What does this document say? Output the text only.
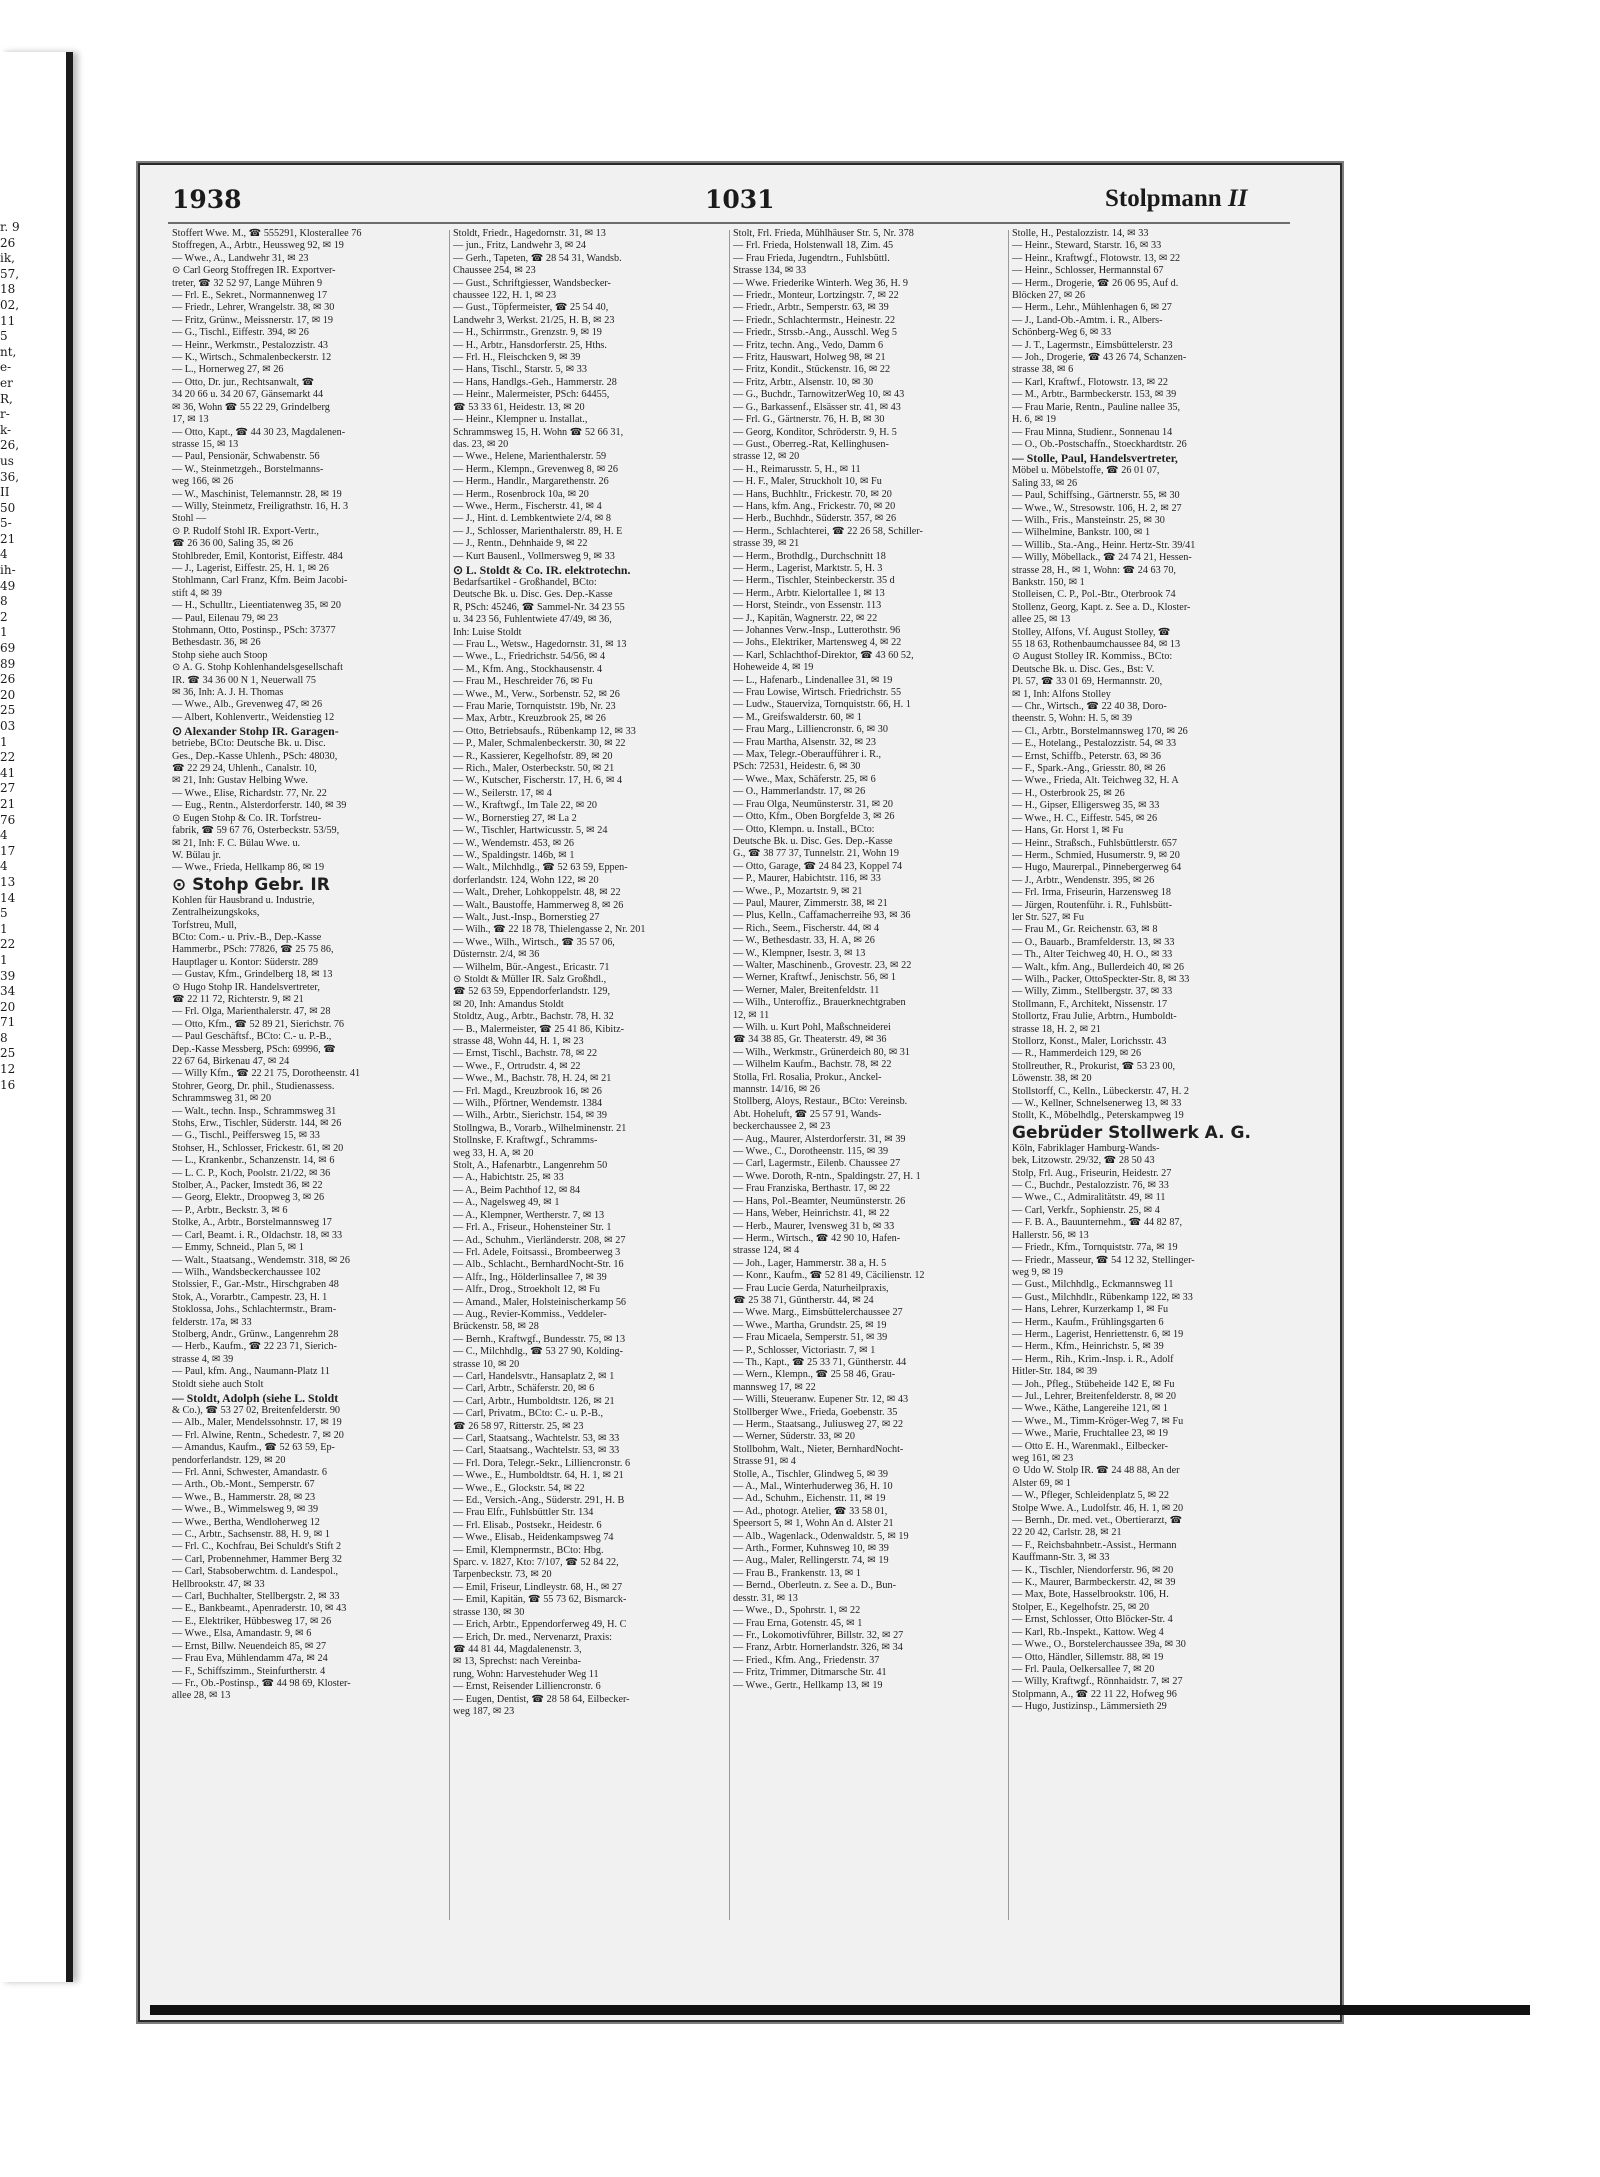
r. 9
26
ik,
57,
18
02,
11
5
nt,
e-
er
R,
r-
k-
26,
us
36,
II
50
5-
21
4
ih-
49
8
2
1
69
89
26
20
25
03
1
22
41
27
21
76
4
17
4
13
14
5
1
22
1
39
34
20
71
8
25
12
16
1938	1031	Stolpmann II
Stoffert Wwe. M., ☎ 555291, Klosterallee 76
Stoffregen, A., Arbtr., Heussweg 92, ✉ 19
— Wwe., A., Landwehr 31, ✉ 23
⊙ Carl Georg Stoffregen IR. Exportver-
treter, ☎ 32 52 97, Lange Mühren 9
— Frl. E., Sekret., Normannenweg 17
— Friedr., Lehrer, Wrangelstr. 38, ✉ 30
— Fritz, Grünw., Meissnerstr. 17, ✉ 19
— G., Tischl., Eiffestr. 394, ✉ 26
— Heinr., Werkmstr., Pestalozzistr. 43
— K., Wirtsch., Schmalenbeckerstr. 12
— L., Hornerweg 27, ✉ 26
— Otto, Dr. jur., Rechtsanwalt, ☎
34 20 66 u. 34 20 67, Gänsemarkt 44
✉ 36, Wohn ☎ 55 22 29, Grindelberg
17, ✉ 13
— Otto, Kapt., ☎ 44 30 23, Magdalenen-
strasse 15, ✉ 13
— Paul, Pensionär, Schwabenstr. 56
— W., Steinmetzgeh., Borstelmanns-
weg 166, ✉ 26
— W., Maschinist, Telemannstr. 28, ✉ 19
— Willy, Steinmetz, Freiligrathstr. 16, H. 3
Stohl —
⊙ P. Rudolf Stohl IR. Export-Vertr.,
☎ 26 36 00, Saling 35, ✉ 26
Stohlbreder, Emil, Kontorist, Eiffestr. 484
— J., Lagerist, Eiffestr. 25, H. 1, ✉ 26
Stohlmann, Carl Franz, Kfm. Beim Jacobi-
stift 4, ✉ 39
— H., Schulltr., Lieentiatenweg 35, ✉ 20
— Paul, Eilenau 79, ✉ 23
Stohmann, Otto, Postinsp., PSch: 37377
Bethesdastr. 36, ✉ 26
Stohp siehe auch Stoop
⊙ A. G. Stohp Kohlenhandelsgesellschaft
IR. ☎ 34 36 00 N 1, Neuerwall 75
✉ 36, Inh: A. J. H. Thomas
— Wwe., Alb., Grevenweg 47, ✉ 26
— Albert, Kohlenvertr., Weidenstieg 12
⊙ Alexander Stohp IR. Garagen-
betriebe, BCto: Deutsche Bk. u. Disc.
Ges., Dep.-Kasse Uhlenh., PSch: 48030,
☎ 22 29 24, Uhlenh., Canalstr. 10,
✉ 21, Inh: Gustav Helbing Wwe.
— Wwe., Elise, Richardstr. 77, Nr. 22
— Eug., Rentn., Alsterdorferstr. 140, ✉ 39
⊙ Eugen Stohp & Co. IR. Torfstreu-
fabrik, ☎ 59 67 76, Osterbeckstr. 53/59,
✉ 21, Inh: F. C. Bülau Wwe. u.
W. Bülau jr.
— Wwe., Frieda, Hellkamp 86, ✉ 19
⊙ Stohp Gebr. IR
Kohlen für Hausbrand u. Industrie,
Zentralheizungskoks,
Torfstreu, Mull,
BCto: Com.- u. Priv.-B., Dep.-Kasse
Hammerbr., PSch: 77826, ☎ 25 75 86,
Hauptlager u. Kontor: Süderstr. 289
— Gustav, Kfm., Grindelberg 18, ✉ 13
⊙ Hugo Stohp IR. Handelsvertreter,
☎ 22 11 72, Richterstr. 9, ✉ 21
— Frl. Olga, Marienthalerstr. 47, ✉ 28
— Otto, Kfm., ☎ 52 89 21, Sierichstr. 76
— Paul Geschäftsf., BCto: C.- u. P.-B.,
Dep.-Kasse Messberg, PSch: 69996, ☎
22 67 64, Birkenau 47, ✉ 24
— Willy Kfm., ☎ 22 21 75, Dorotheenstr. 41
Stohrer, Georg, Dr. phil., Studienassess.
Schrammsweg 31, ✉ 20
— Walt., techn. Insp., Schrammsweg 31
Stohs, Erw., Tischler, Süderstr. 144, ✉ 26
— G., Tischl., Peiffersweg 15, ✉ 33
Stohser, H., Schlosser, Frickestr. 61, ✉ 20
— L., Krankenbr., Schanzenstr. 14, ✉ 6
— L. C. P., Koch, Poolstr. 21/22, ✉ 36
Stolber, A., Packer, Imstedt 36, ✉ 22
— Georg, Elektr., Droopweg 3, ✉ 26
— P., Arbtr., Beckstr. 3, ✉ 6
Stolke, A., Arbtr., Borstelmannsweg 17
— Carl, Beamt. i. R., Oldachstr. 18, ✉ 33
— Emmy, Schneid., Plan 5, ✉ 1
— Walt., Staatsang., Wendemstr. 318, ✉ 26
— Wilh., Wandsbeckerchaussee 102
Stolssier, F., Gar.-Mstr., Hirschgraben 48
Stok, A., Vorarbtr., Campestr. 23, H. 1
Stoklossa, Johs., Schlachtermstr., Bram-
felderstr. 17a, ✉ 33
Stolberg, Andr., Grünw., Langenrehm 28
— Herb., Kaufm., ☎ 22 23 71, Sierich-
strasse 4, ✉ 39
— Paul, kfm. Ang., Naumann-Platz 11
Stoldt siehe auch Stolt
— Stoldt, Adolph (siehe L. Stoldt
& Co.), ☎ 53 27 02, Breitenfelderstr. 90
— Alb., Maler, Mendelssohnstr. 17, ✉ 19
— Frl. Alwine, Rentn., Schedestr. 7, ✉ 20
— Amandus, Kaufm., ☎ 52 63 59, Ep-
pendorferlandstr. 129, ✉ 20
— Frl. Anni, Schwester, Amandastr. 6
— Arth., Ob.-Mont., Semperstr. 67
— Wwe., B., Hammerstr. 28, ✉ 23
— Wwe., B., Wimmelsweg 9, ✉ 39
— Wwe., Bertha, Wendloherweg 12
— C., Arbtr., Sachsenstr. 88, H. 9, ✉ 1
— Frl. C., Kochfrau, Bei Schuldt's Stift 2
— Carl, Probennehmer, Hammer Berg 32
— Carl, Stabsoberwchtm. d. Landespol.,
Hellbrookstr. 47, ✉ 33
— Carl, Buchhalter, Stellbergstr. 2, ✉ 33
— E., Bankbeamt., Apenraderstr. 10, ✉ 43
— E., Elektriker, Hübbesweg 17, ✉ 26
— Wwe., Elsa, Amandastr. 9, ✉ 6
— Ernst, Billw. Neuendeich 85, ✉ 27
— Frau Eva, Mühlendamm 47a, ✉ 24
— F., Schiffszimm., Steinfurtherstr. 4
— Fr., Ob.-Postinsp., ☎ 44 98 69, Kloster-
allee 28, ✉ 13
Stoldt, Friedr., Hagedornstr. 31, ✉ 13
— jun., Fritz, Landwehr 3, ✉ 24
— Gerh., Tapeten, ☎ 28 54 31, Wandsb.
Chaussee 254, ✉ 23
— Gust., Schriftgiesser, Wandsbecker-
chaussee 122, H. 1, ✉ 23
— Gust., Töpfermeister, ☎ 25 54 40,
Landwehr 3, Werkst. 21/25, H. B, ✉ 23
— H., Schirrmstr., Grenzstr. 9, ✉ 19
— H., Arbtr., Hansdorferstr. 25, Hths.
— Frl. H., Fleischcken 9, ✉ 39
— Hans, Tischl., Starstr. 5, ✉ 33
— Hans, Handlgs.-Geh., Hammerstr. 28
— Heinr., Malermeister, PSch: 64455,
☎ 53 33 61, Heidestr. 13, ✉ 20
— Heinr., Klempner u. Installat.,
Schrammsweg 15, H. Wohn ☎ 52 66 31,
das. 23, ✉ 20
— Wwe., Helene, Marienthalerstr. 59
— Herm., Klempn., Grevenweg 8, ✉ 26
— Herm., Handlr., Margarethenstr. 26
— Herm., Rosenbrock 10a, ✉ 20
— Wwe., Herm., Fischerstr. 41, ✉ 4
— J., Hint. d. Lembkentwiete 2/4, ✉ 8
— J., Schlosser, Marienthalerstr. 89, H. E
— J., Rentn., Dehnhaide 9, ✉ 22
— Kurt Bausenl., Vollmersweg 9, ✉ 33
⊙ L. Stoldt & Co. IR. elektrotechn.
Bedarfsartikel - Großhandel, BCto:
Deutsche Bk. u. Disc. Ges. Dep.-Kasse
R, PSch: 45246, ☎ Sammel-Nr. 34 23 55
u. 34 23 56, Fuhlentwiete 47/49, ✉ 36,
Inh: Luise Stoldt
— Frau L., Wetsw., Hagedornstr. 31, ✉ 13
— Wwe., L., Friedrichstr. 54/56, ✉ 4
— M., Kfm. Ang., Stockhausenstr. 4
— Frau M., Heschreider 76, ✉ Fu
— Wwe., M., Verw., Sorbenstr. 52, ✉ 26
— Frau Marie, Tornquiststr. 19b, Nr. 23
— Max, Arbtr., Kreuzbrook 25, ✉ 26
— Otto, Betriebsaufs., Rübenkamp 12, ✉ 33
— P., Maler, Schmalenbeckerstr. 30, ✉ 22
— R., Kassierer, Kegelhofstr. 89, ✉ 20
— Rich., Maler, Osterbeckstr. 50, ✉ 21
— W., Kutscher, Fischerstr. 17, H. 6, ✉ 4
— W., Seilerstr. 17, ✉ 4
— W., Kraftwgf., Im Tale 22, ✉ 20
— W., Bornerstieg 27, ✉ La 2
— W., Tischler, Hartwicusstr. 5, ✉ 24
— W., Wendemstr. 453, ✉ 26
— W., Spaldingstr. 146b, ✉ 1
— Walt., Milchhdlg., ☎ 52 63 59, Eppen-
dorferlandstr. 124, Wohn 122, ✉ 20
— Walt., Dreher, Lohkoppelstr. 48, ✉ 22
— Walt., Baustoffe, Hammerweg 8, ✉ 26
— Walt., Just.-Insp., Bornerstieg 27
— Wilh., ☎ 22 18 78, Thielengasse 2, Nr. 201
— Wwe., Wilh., Wirtsch., ☎ 35 57 06,
Düsternstr. 2/4, ✉ 36
— Wilhelm, Bür.-Angest., Ericastr. 71
⊙ Stoldt & Müller IR. Salz Großhdl.,
☎ 52 63 59, Eppendorferlandstr. 129,
✉ 20, Inh: Amandus Stoldt
Stoldtz, Aug., Arbtr., Bachstr. 78, H. 32
— B., Malermeister, ☎ 25 41 86, Kibitz-
strasse 48, Wohn 44, H. 1, ✉ 23
— Ernst, Tischl., Bachstr. 78, ✉ 22
— Wwe., F., Ortrudstr. 4, ✉ 22
— Wwe., M., Bachstr. 78, H. 24, ✉ 21
— Frl. Magd., Kreuzbrook 16, ✉ 26
— Wilh., Pförtner, Wendemstr. 1384
— Wilh., Arbtr., Sierichstr. 154, ✉ 39
Stollngwa, B., Vorarb., Wilhelminenstr. 21
Stollnske, F. Kraftwgf., Schramms-
weg 33, H. A, ✉ 20
Stolt, A., Hafenarbtr., Langenrehm 50
— A., Habichtstr. 25, ✉ 33
— A., Beim Pachthof 12, ✉ 84
— A., Nagelsweg 49, ✉ 1
— A., Klempner, Wertherstr. 7, ✉ 13
— Frl. A., Friseur., Hohensteiner Str. 1
— Ad., Schuhm., Vierländerstr. 208, ✉ 27
— Frl. Adele, Foitsassi., Brombeerweg 3
— Alb., Schlacht., BernhardNocht-Str. 16
— Alfr., Ing., Hölderlinsallee 7, ✉ 39
— Alfr., Drog., Stroekholt 12, ✉ Fu
— Amand., Maler, Holsteinischerkamp 56
— Aug., Revier-Kommiss., Veddeler-
Brückenstr. 58, ✉ 28
— Bernh., Kraftwgf., Bundesstr. 75, ✉ 13
— C., Milchhdlg., ☎ 53 27 90, Kolding-
strasse 10, ✉ 20
— Carl, Handelsvtr., Hansaplatz 2, ✉ 1
— Carl, Arbtr., Schäferstr. 20, ✉ 6
— Carl, Arbtr., Humboldtstr. 126, ✉ 21
— Carl, Privatm., BCto: C.- u. P.-B.,
☎ 26 58 97, Ritterstr. 25, ✉ 23
— Carl, Staatsang., Wachtelstr. 53, ✉ 33
— Carl, Staatsang., Wachtelstr. 53, ✉ 33
— Frl. Dora, Telegr.-Sekr., Lilliencronstr. 6
— Wwe., E., Humboldtstr. 64, H. 1, ✉ 21
— Wwe., E., Glockstr. 54, ✉ 22
— Ed., Versich.-Ang., Süderstr. 291, H. B
— Frau Elfr., Fuhlsbüttler Str. 134
— Frl. Elisab., Postsekr., Heidestr. 6
— Wwe., Elisab., Heidenkampsweg 74
— Emil, Klempnermstr., BCto: Hbg.
Sparc. v. 1827, Kto: 7/107, ☎ 52 84 22,
Tarpenbeckstr. 73, ✉ 20
— Emil, Friseur, Lindleystr. 68, H., ✉ 27
— Emil, Kapitän, ☎ 55 73 62, Bismarck-
strasse 130, ✉ 30
— Erich, Arbtr., Eppendorferweg 49, H. C
— Erich, Dr. med., Nervenarzt, Praxis:
☎ 44 81 44, Magdalenenstr. 3,
✉ 13, Sprechst: nach Vereinba-
rung, Wohn: Harvestehuder Weg 11
— Ernst, Reisender Lilliencronstr. 6
— Eugen, Dentist, ☎ 28 58 64, Eilbecker-
weg 187, ✉ 23
Stolt, Frl. Frieda, Mühlhäuser Str. 5, Nr. 378
— Frl. Frieda, Holstenwall 18, Zim. 45
— Frau Frieda, Jugendtrn., Fuhlsbüttl.
Strasse 134, ✉ 33
— Wwe. Friederike Winterh. Weg 36, H. 9
— Friedr., Monteur, Lortzingstr. 7, ✉ 22
— Friedr., Arbtr., Semperstr. 63, ✉ 39
— Friedr., Schlachtermstr., Heinestr. 22
— Friedr., Strssb.-Ang., Ausschl. Weg 5
— Fritz, techn. Ang., Vedo, Damm 6
— Fritz, Hauswart, Holweg 98, ✉ 21
— Fritz, Kondit., Stückenstr. 16, ✉ 22
— Fritz, Arbtr., Alsenstr. 10, ✉ 30
— G., Buchdr., TarnowitzerWeg 10, ✉ 43
— G., Barkassenf., Elsässer str. 41, ✉ 43
— Frl. G., Gärtnerstr. 76, H. B, ✉ 30
— Georg, Konditor, Schröderstr. 9, H. 5
— Gust., Oberreg.-Rat, Kellinghusen-
strasse 12, ✉ 20
— H., Reimarusstr. 5, H., ✉ 11
— H. F., Maler, Struckholt 10, ✉ Fu
— Hans, Buchhltr., Frickestr. 70, ✉ 20
— Hans, kfm. Ang., Frickestr. 70, ✉ 20
— Herb., Buchhdr., Süderstr. 357, ✉ 26
— Herm., Schlachterei, ☎ 22 26 58, Schiller-
strasse 39, ✉ 21
— Herm., Brothdlg., Durchschnitt 18
— Herm., Lagerist, Marktstr. 5, H. 3
— Herm., Tischler, Steinbeckerstr. 35 d
— Herm., Arbtr. Kielortallee 1, ✉ 13
— Horst, Steindr., von Essenstr. 113
— J., Kapitän, Wagnerstr. 22, ✉ 22
— Johannes Verw.-Insp., Lutterothstr. 96
— Johs., Elektriker, Martensweg 4, ✉ 22
— Karl, Schlachthof-Direktor, ☎ 43 60 52,
Hoheweide 4, ✉ 19
— L., Hafenarb., Lindenallee 31, ✉ 19
— Frau Lowise, Wirtsch. Friedrichstr. 55
— Ludw., Stauerviza, Tornquiststr. 66, H. 1
— M., Greifswalderstr. 60, ✉ 1
— Frau Marg., Lilliencronstr. 6, ✉ 30
— Frau Martha, Alsenstr. 32, ✉ 23
— Max, Telegr.-Oberaufführer i. R.,
PSch: 72531, Heidestr. 6, ✉ 30
— Wwe., Max, Schäferstr. 25, ✉ 6
— O., Hammerlandstr. 17, ✉ 26
— Frau Olga, Neumünsterstr. 31, ✉ 20
— Otto, Kfm., Oben Borgfelde 3, ✉ 26
— Otto, Klempn. u. Install., BCto:
Deutsche Bk. u. Disc. Ges. Dep.-Kasse
G., ☎ 38 77 37, Tunnelstr. 21, Wohn 19
— Otto, Garage, ☎ 24 84 23, Koppel 74
— P., Maurer, Habichtstr. 116, ✉ 33
— Wwe., P., Mozartstr. 9, ✉ 21
— Paul, Maurer, Zimmerstr. 38, ✉ 21
— Plus, Kelln., Caffamacherreihe 93, ✉ 36
— Rich., Seem., Fischerstr. 44, ✉ 4
— W., Bethesdastr. 33, H. A, ✉ 26
— W., Klempner, Isestr. 3, ✉ 13
— Walter, Maschinenb., Grovestr. 23, ✉ 22
— Werner, Kraftwf., Jenischstr. 56, ✉ 1
— Werner, Maler, Breitenfeldstr. 11
— Wilh., Unteroffiz., Brauerknechtgraben
12, ✉ 11
— Wilh. u. Kurt Pohl, Maßschneiderei
☎ 34 38 85, Gr. Theaterstr. 49, ✉ 36
— Wilh., Werkmstr., Grünerdeich 80, ✉ 31
— Wilhelm Kaufm., Bachstr. 78, ✉ 22
Stolla, Frl. Rosalia, Prokur., Anckel-
mannstr. 14/16, ✉ 26
Stollberg, Aloys, Restaur., BCto: Vereinsb.
Abt. Hoheluft, ☎ 25 57 91, Wands-
beckerchaussee 2, ✉ 23
— Aug., Maurer, Alsterdorferstr. 31, ✉ 39
— Wwe., C., Dorotheenstr. 115, ✉ 39
— Carl, Lagermstr., Eilenb. Chaussee 27
— Wwe. Doroth, R-ntn., Spaldingstr. 27, H. 1
— Frau Franziska, Berthastr. 17, ✉ 22
— Hans, Pol.-Beamter, Neumünsterstr. 26
— Hans, Weber, Heinrichstr. 41, ✉ 22
— Herb., Maurer, Ivensweg 31 b, ✉ 33
— Herm., Wirtsch., ☎ 42 90 10, Hafen-
strasse 124, ✉ 4
— Joh., Lager, Hammerstr. 38 a, H. 5
— Konr., Kaufm., ☎ 52 81 49, Cäcilienstr. 12
— Frau Lucie Gerda, Naturheilpraxis,
☎ 25 38 71, Güntherstr. 44, ✉ 24
— Wwe. Marg., Eimsbüttelerchaussee 27
— Wwe., Martha, Grundstr. 25, ✉ 19
— Frau Micaela, Semperstr. 51, ✉ 39
— P., Schlosser, Victoriastr. 7, ✉ 1
— Th., Kapt., ☎ 25 33 71, Güntherstr. 44
— Wern., Klempn., ☎ 25 58 46, Grau-
mannsweg 17, ✉ 22
— Willi, Steueranw. Eupener Str. 12, ✉ 43
Stollberger Wwe., Frieda, Goebenstr. 35
— Herm., Staatsang., Juliusweg 27, ✉ 22
— Werner, Süderstr. 33, ✉ 20
Stollbohm, Walt., Nieter, BernhardNocht-
Strasse 91, ✉ 4
Stolle, A., Tischler, Glindweg 5, ✉ 39
— A., Mal., Winterhuderweg 36, H. 10
— Ad., Schuhm., Eichenstr. 11, ✉ 19
— Ad., photogr. Atelier, ☎ 33 58 01,
Speersort 5, ✉ 1, Wohn An d. Alster 21
— Alb., Wagenlack., Odenwaldstr. 5, ✉ 19
— Arth., Former, Kuhnsweg 10, ✉ 39
— Aug., Maler, Rellingerstr. 74, ✉ 19
— Frau B., Frankenstr. 13, ✉ 1
— Bernd., Oberleutn. z. See a. D., Bun-
desstr. 31, ✉ 13
— Wwe., D., Spohrstr. 1, ✉ 22
— Frau Erna, Gotenstr. 45, ✉ 1
— Fr., Lokomotivführer, Billstr. 32, ✉ 27
— Franz, Arbtr. Hornerlandstr. 326, ✉ 34
— Fried., Kfm. Ang., Friedenstr. 37
— Fritz, Trimmer, Ditmarsche Str. 41
— Wwe., Gertr., Hellkamp 13, ✉ 19
Stolle, H., Pestalozzistr. 14, ✉ 33
— Heinr., Steward, Starstr. 16, ✉ 33
— Heinr., Kraftwgf., Flotowstr. 13, ✉ 22
— Heinr., Schlosser, Hermannstal 67
— Herm., Drogerie, ☎ 26 06 95, Auf d.
Blöcken 27, ✉ 26
— Herm., Lehr., Mühlenhagen 6, ✉ 27
— J., Land-Ob.-Amtm. i. R., Albers-
Schönberg-Weg 6, ✉ 33
— J. T., Lagermstr., Eimsbüttelerstr. 23
— Joh., Drogerie, ☎ 43 26 74, Schanzen-
strasse 38, ✉ 6
— Karl, Kraftwf., Flotowstr. 13, ✉ 22
— M., Arbtr., Barmbeckerstr. 153, ✉ 39
— Frau Marie, Rentn., Pauline nallee 35,
H. 6, ✉ 19
— Frau Minna, Studienr., Sonnenau 14
— O., Ob.-Postschaffn., Stoeckhardtstr. 26
— Stolle, Paul, Handelsvertreter,
Möbel u. Möbelstoffe, ☎ 26 01 07,
Saling 33, ✉ 26
— Paul, Schiffsing., Gärtnerstr. 55, ✉ 30
— Wwe., W., Stresowstr. 106, H. 2, ✉ 27
— Wilh., Fris., Mansteinstr. 25, ✉ 30
— Wilhelmine, Bankstr. 100, ✉ 1
— Willib., Sta.-Ang., Heinr. Hertz-Str. 39/41
— Willy, Möbellack., ☎ 24 74 21, Hessen-
strasse 28, H., ✉ 1, Wohn: ☎ 24 63 70,
Bankstr. 150, ✉ 1
Stolleisen, C. P., Pol.-Btr., Oterbrook 74
Stollenz, Georg, Kapt. z. See a. D., Kloster-
allee 25, ✉ 13
Stolley, Alfons, Vf. August Stolley, ☎
55 18 63, Rothenbaumchaussee 84, ✉ 13
⊙ August Stolley IR. Kommiss., BCto:
Deutsche Bk. u. Disc. Ges., Bst: V.
Pl. 57, ☎ 33 01 69, Hermannstr. 20,
✉ 1, Inh: Alfons Stolley
— Chr., Wirtsch., ☎ 22 40 38, Doro-
theenstr. 5, Wohn: H. 5, ✉ 39
— Cl., Arbtr., Borstelmannsweg 170, ✉ 26
— E., Hotelang., Pestalozzistr. 54, ✉ 33
— Ernst, Schiffb., Peterstr. 63, ✉ 36
— F., Spark.-Ang., Griesstr. 80, ✉ 26
— Wwe., Frieda, Alt. Teichweg 32, H. A
— H., Osterbrook 25, ✉ 26
— H., Gipser, Elligersweg 35, ✉ 33
— Wwe., H. C., Eiffestr. 545, ✉ 26
— Hans, Gr. Horst 1, ✉ Fu
— Heinr., Straßsch., Fuhlsbüttlerstr. 657
— Herm., Schmied, Husumerstr. 9, ✉ 20
— Hugo, Maurerpal., Pinnebergerweg 64
— J., Arbtr., Wendenstr. 395, ✉ 26
— Frl. Irma, Friseurin, Harzensweg 18
— Jürgen, Routenführ. i. R., Fuhlsbütt-
ler Str. 527, ✉ Fu
— Frau M., Gr. Reichenstr. 63, ✉ 8
— O., Bauarb., Bramfelderstr. 13, ✉ 33
— Th., Alter Teichweg 40, H. O., ✉ 33
— Walt., kfm. Ang., Bullerdeich 40, ✉ 26
— Wilh., Packer, OttoSpeckter-Str. 8, ✉ 33
— Willy, Zimm., Stellbergstr. 37, ✉ 33
Stollmann, F., Architekt, Nissenstr. 17
Stollortz, Frau Julie, Arbtrn., Humboldt-
strasse 18, H. 2, ✉ 21
Stollorz, Konst., Maler, Lorichsstr. 43
— R., Hammerdeich 129, ✉ 26
Stollreuther, R., Prokurist, ☎ 53 23 00,
Löwenstr. 38, ✉ 20
Stollstorff, C., Kelln., Lübeckerstr. 47, H. 2
— W., Kellner, Schnelsenerweg 13, ✉ 33
Stollt, K., Möbelhdlg., Peterskampweg 19
Gebrüder Stollwerk A. G.
Köln, Fabriklager Hamburg-Wands-
bek, Litzowstr. 29/32, ☎ 28 50 43
Stolp, Frl. Aug., Friseurin, Heidestr. 27
— C., Buchdr., Pestalozzistr. 76, ✉ 33
— Wwe., C., Admiralitätstr. 49, ✉ 11
— Carl, Verkfr., Sophienstr. 25, ✉ 4
— F. B. A., Bauunternehm., ☎ 44 82 87,
Hallerstr. 56, ✉ 13
— Friedr., Kfm., Tornquiststr. 77a, ✉ 19
— Friedr., Masseur, ☎ 54 12 32, Stellinger-
weg 9, ✉ 19
— Gust., Milchhdlg., Eckmannsweg 11
— Gust., Milchhdlr., Rübenkamp 122, ✉ 33
— Hans, Lehrer, Kurzerkamp 1, ✉ Fu
— Herm., Kaufm., Frühlingsgarten 6
— Herm., Lagerist, Henriettenstr. 6, ✉ 19
— Herm., Kfm., Heinrichstr. 5, ✉ 39
— Herm., Rih., Krim.-Insp. i. R., Adolf
Hitler-Str. 184, ✉ 39
— Joh., Pfleg., Stübeheide 142 E, ✉ Fu
— Jul., Lehrer, Breitenfelderstr. 8, ✉ 20
— Wwe., Käthe, Langereihe 121, ✉ 1
— Wwe., M., Timm-Kröger-Weg 7, ✉ Fu
— Wwe., Marie, Fruchtallee 23, ✉ 19
— Otto E. H., Warenmakl., Eilbecker-
weg 161, ✉ 23
⊙ Udo W. Stolp IR. ☎ 24 48 88, An der
Alster 69, ✉ 1
— W., Pfleger, Schleidenplatz 5, ✉ 22
Stolpe Wwe. A., Ludolfstr. 46, H. 1, ✉ 20
— Bernh., Dr. med. vet., Obertierarzt, ☎
22 20 42, Carlstr. 28, ✉ 21
— F., Reichsbahnbetr.-Assist., Hermann
Kauffmann-Str. 3, ✉ 33
— K., Tischler, Niendorferstr. 96, ✉ 20
— K., Maurer, Barmbeckerstr. 42, ✉ 39
— Max, Bote, Hasselbrookstr. 106, H.
Stolper, E., Kegelhofstr. 25, ✉ 20
— Ernst, Schlosser, Otto Blöcker-Str. 4
— Karl, Rb.-Inspekt., Kattow. Weg 4
— Wwe., O., Borstelerchaussee 39a, ✉ 30
— Otto, Händler, Sillemstr. 88, ✉ 19
— Frl. Paula, Oelkersallee 7, ✉ 20
— Willy, Kraftwgf., Rönnhaidstr. 7, ✉ 27
Stolpmann, A., ☎ 22 11 22, Hofweg 96
— Hugo, Justizinsp., Lämmersieth 29
